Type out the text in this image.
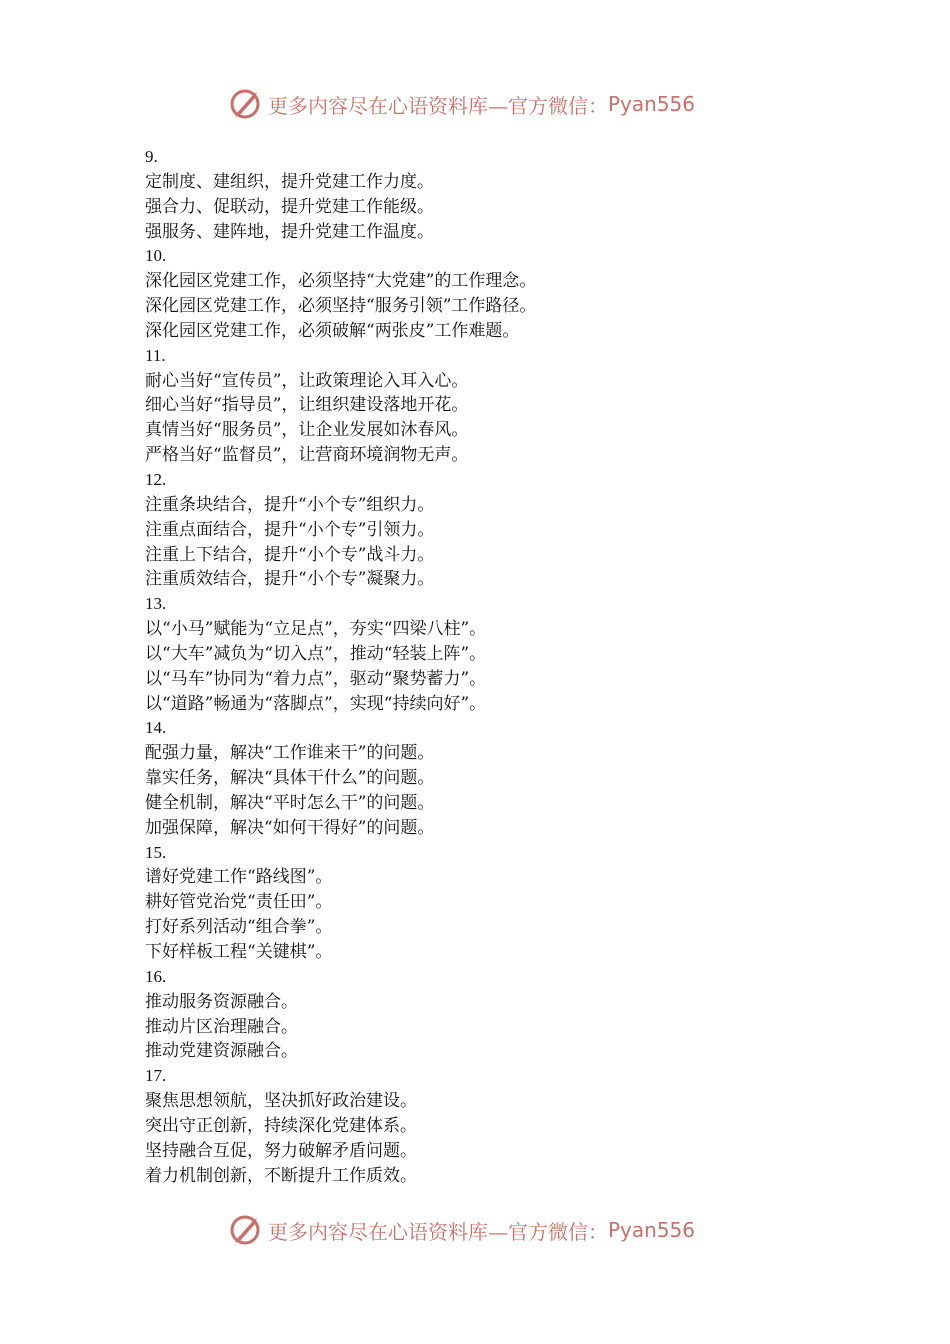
更多内容尽在心语资料库—官方微信： Pyan556
9.
定制度、建组织，提升党建工作力度。
强合力、促联动，提升党建工作能级。
强服务、建阵地，提升党建工作温度。
10.
深化园区党建工作，必须坚持“大党建”的工作理念。
深化园区党建工作，必须坚持“服务引领”工作路径。
深化园区党建工作，必须破解“两张皮”工作难题。
11.
耐心当好“宣传员”，让政策理论入耳入心。
细心当好“指导员”，让组织建设落地开花。
真情当好“服务员”，让企业发展如沐春风。
严格当好“监督员”，让营商环境润物无声。
12.
注重条块结合，提升“小个专”组织力。
注重点面结合，提升“小个专”引领力。
注重上下结合，提升“小个专”战斗力。
注重质效结合，提升“小个专”凝聚力。
13.
以“小马”赋能为“立足点”，夯实“四梁八柱”。
以“大车”减负为“切入点”，推动“轻装上阵”。
以“马车”协同为“着力点”，驱动“聚势蓄力”。
以“道路”畅通为“落脚点”，实现“持续向好”。
14.
配强力量，解决“工作谁来干”的问题。
靠实任务，解决“具体干什么”的问题。
健全机制，解决“平时怎么干”的问题。
加强保障，解决“如何干得好”的问题。
15.
谱好党建工作“路线图”。
耕好管党治党“责任田”。
打好系列活动“组合拳”。
下好样板工程“关键棋”。
16.
推动服务资源融合。
推动片区治理融合。
推动党建资源融合。
17.
聚焦思想领航，坚决抓好政治建设。
突出守正创新，持续深化党建体系。
坚持融合互促，努力破解矛盾问题。
着力机制创新，不断提升工作质效。
更多内容尽在心语资料库—官方微信： Pyan556
